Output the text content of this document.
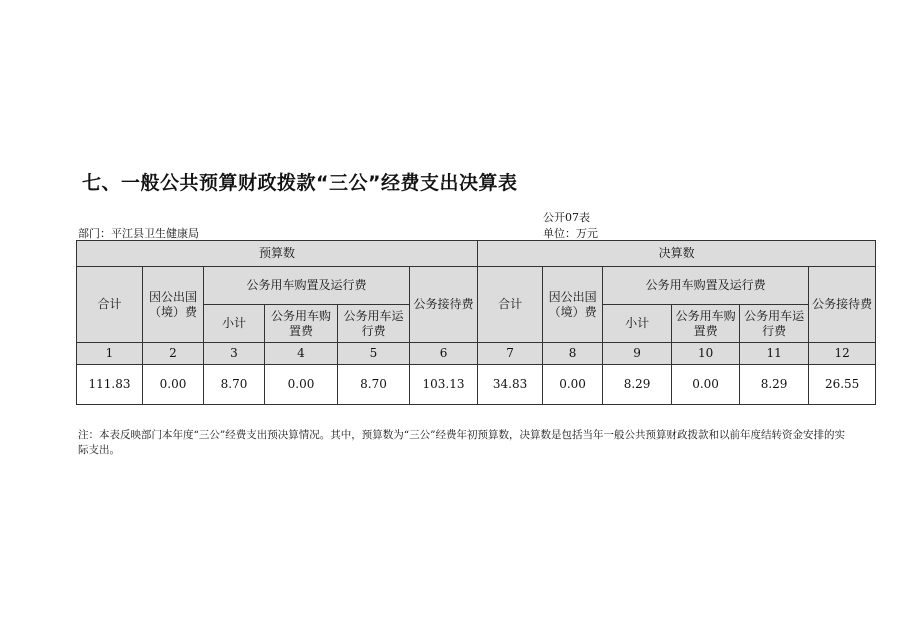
七、一般公共预算财政拨款“三公”经费支出决算表
公开07表
部门：平江县卫生健康局	单位：万元
预算数						决算数					
合计	因公出国（境）费	公务用车购置及运行费			公务接待费	合计	因公出国（境）费	公务用车购置及运行费			公务接待费
		小计	公务用车购置费	公务用车运行费				小计	公务用车购置费	公务用车运行费	
1	2	3	4	5	6	7	8	9	10	11	12
111.83	0.00	8.70	0.00	8.70	103.13	34.83	0.00	8.29	0.00	8.29	26.55
注：本表反映部门本年度“三公”经费支出预决算情况。其中，预算数为“三公”经费年初预算数，决算数是包括当年一般公共预算财政拨款和以前年度结转资金安排的实际支出。
